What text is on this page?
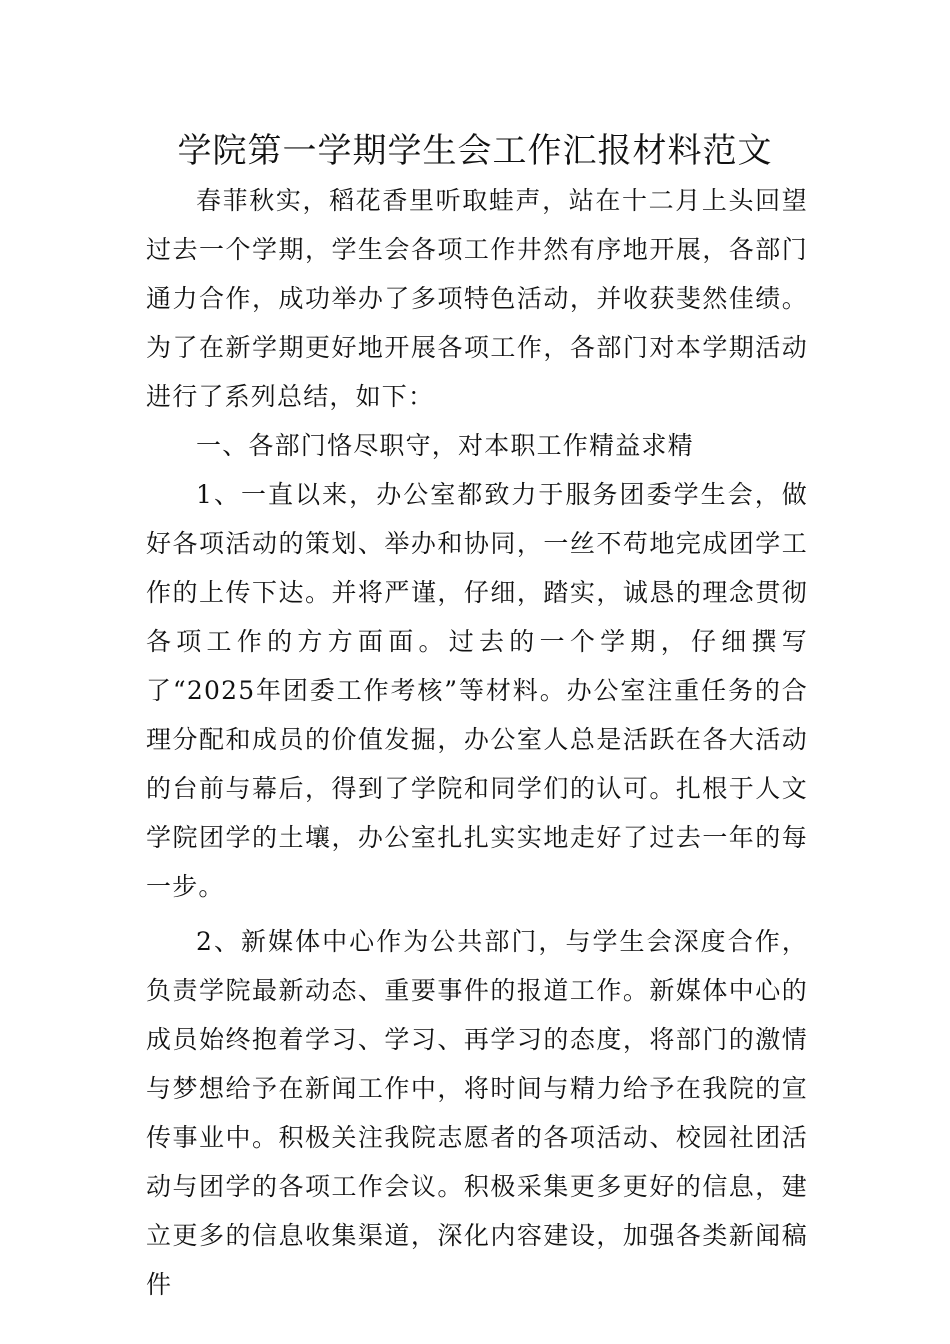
学院第一学期学生会工作汇报材料范文

春菲秋实，稻花香里听取蛙声，站在十二月上头回望过去一个学期，学生会各项工作井然有序地开展，各部门通力合作，成功举办了多项特色活动，并收获斐然佳绩。为了在新学期更好地开展各项工作，各部门对本学期活动进行了系列总结，如下：

一、各部门恪尽职守，对本职工作精益求精

1、一直以来，办公室都致力于服务团委学生会，做好各项活动的策划、举办和协同，一丝不苟地完成团学工作的上传下达。并将严谨，仔细，踏实，诚恳的理念贯彻各项工作的方方面面。过去的一个学期，仔细撰写了“2025年团委工作考核”等材料。办公室注重任务的合理分配和成员的价值发掘，办公室人总是活跃在各大活动的台前与幕后，得到了学院和同学们的认可。扎根于人文学院团学的土壤，办公室扎扎实实地走好了过去一年的每一步。

2、新媒体中心作为公共部门，与学生会深度合作，负责学院最新动态、重要事件的报道工作。新媒体中心的成员始终抱着学习、学习、再学习的态度，将部门的激情与梦想给予在新闻工作中，将时间与精力给予在我院的宣传事业中。积极关注我院志愿者的各项活动、校园社团活动与团学的各项工作会议。积极采集更多更好的信息，建立更多的信息收集渠道，深化内容建设，加强各类新闻稿件
